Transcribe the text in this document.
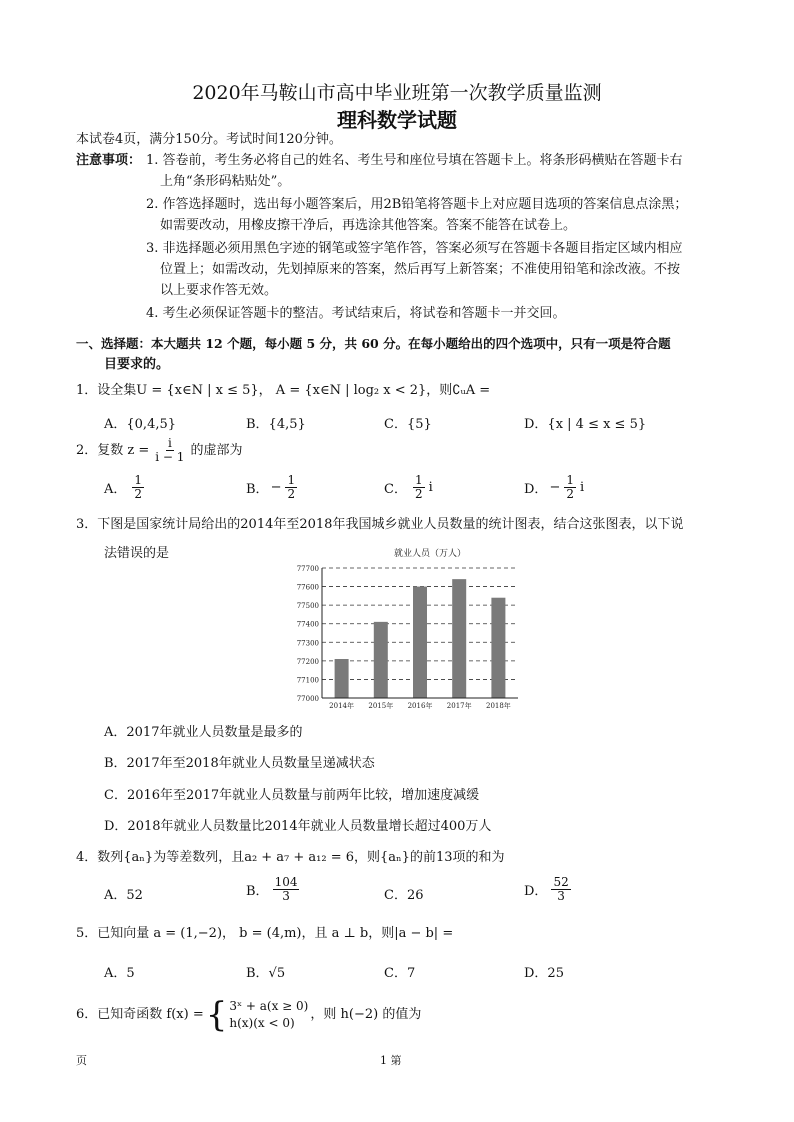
2020年马鞍山市高中毕业班第一次教学质量监测
理科数学试题
本试卷4页，满分150分。考试时间120分钟。
注意事项： 1. 答卷前，考生务必将自己的姓名、考生号和座位号填在答题卡上。将条形码横贴在答题卡右
上角“条形码粘贴处”。
2. 作答选择题时，选出每小题答案后，用2B铅笔将答题卡上对应题目选项的答案信息点涂黑；
如需要改动，用橡皮擦干净后，再选涂其他答案。答案不能答在试卷上。
3. 非选择题必须用黑色字迹的钢笔或签字笔作答，答案必须写在答题卡各题目指定区域内相应
位置上；如需改动，先划掉原来的答案，然后再写上新答案；不准使用铅笔和涂改液。不按
以上要求作答无效。
4. 考生必须保证答题卡的整洁。考试结束后，将试卷和答题卡一并交回。
一、选择题：本大题共 12 个题，每小题 5 分，共 60 分。在每小题给出的四个选项中，只有一项是符合题
目要求的。
1．设全集U = {x∈N | x ≤ 5}， A = {x∈N | log₂ x < 2}，则∁ᵤA =
A．{0,4,5}	B．{4,5}	C．{5}	D．{x | 4 ≤ x ≤ 5}
2．复数 $z = \frac{i}{i - 1}$ 的虚部为
A． $\frac{1}{2}$	B． − $\frac{1}{2}$	C． $\frac{1}{2}$ i	D． − $\frac{1}{2}$ i
3．下图是国家统计局给出的2014年至2018年我国城乡就业人员数量的统计图表，结合这张图表，以下说
法错误的是	就业人员（万人）
77000
77100
77200
77300
77400
77500
77600
77700
2014年 2015年 2016年 2017年 2018年
A．2017年就业人员数量是最多的
B．2017年至2018年就业人员数量呈递减状态
C．2016年至2017年就业人员数量与前两年比较，增加速度减缓
D．2018年就业人员数量比2014年就业人员数量增长超过400万人
4．数列{aₙ}为等差数列，且a₂ + a₇ + a₁₂ = 6，则{aₙ}的前13项的和为
A．52	B． $\frac{104}{3}$	C．26	D． $\frac{52}{3}$
5．已知向量 a = (1,−2)， b = (4,m)，且 a ⊥ b，则|a − b| =
A．5	B．√5	C．7	D．25
6．已知奇函数 f(x) = { 3ˣ + a(x ≥ 0)
h(x)(x < 0)
，则 h(−2) 的值为
页	1 第
